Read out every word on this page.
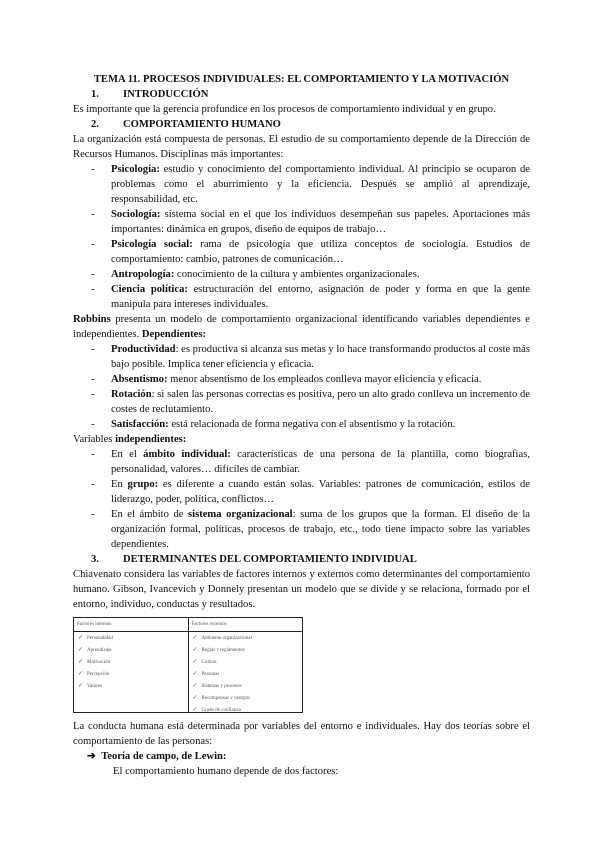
TEMA 11. PROCESOS INDIVIDUALES: EL COMPORTAMIENTO Y LA MOTIVACIÓN
1. INTRODUCCIÓN

Es importante que la gerencia profundice en los procesos de comportamiento individual y en grupo.

2. COMPORTAMIENTO HUMANO

La organización está compuesta de personas. El estudio de su comportamiento depende de la Dirección de Recursos Humanos. Disciplinas más importantes:

- Psicología: estudio y conocimiento del comportamiento individual. Al principio se ocuparon de problemas como el aburrimiento y la eficiencia. Después se amplió al aprendizaje, responsabilidad, etc.
- Sociología: sistema social en el que los individuos desempeñan sus papeles. Aportaciones más importantes: dinámica en grupos, diseño de equipos de trabajo…
- Psicología social: rama de psicología que utiliza conceptos de sociología. Estudios de comportamiento: cambio, patrones de comunicación…
- Antropología: conocimiento de la cultura y ambientes organizacionales.
- Ciencia política: estructuración del entorno, asignación de poder y forma en que la gente manipula para intereses individuales.

Robbins presenta un modelo de comportamiento organizacional identificando variables dependientes e independientes. Dependientes:

- Productividad: es productiva si alcanza sus metas y lo hace transformando productos al coste más bajo posible. Implica tener eficiencia y eficacia.
- Absentismo: menor absentismo de los empleados conlleva mayor eficiencia y eficacia.
- Rotación: si salen las personas correctas es positiva, pero un alto grado conlleva un incremento de costes de reclutamiento.
- Satisfacción: está relacionada de forma negativa con el absentismo y la rotación.

Variables independientes:

- En el ámbito individual: características de una persona de la plantilla, como biografías, personalidad, valores… difíciles de cambiar.
- En grupo: es diferente a cuando están solas. Variables: patrones de comunicación, estilos de liderazgo, poder, política, conflictos…
- En el ámbito de sistema organizacional: suma de los grupos que la forman. El diseño de la organización formal, políticas, procesos de trabajo, etc., todo tiene impacto sobre las variables dependientes.
3. DETERMINANTES DEL COMPORTAMIENTO INDIVIDUAL

Chiavenato considera las variables de factores internos y externos como determinantes del comportamiento humano. Gibson, Ivancevich y Donnely presentan un modelo que se divide y se relaciona, formado por el entorno, individuo, conductas y resultados.

Factores internos
✓ Personalidad
✓ Aprendizaje
✓ Motivación
✓ Percepción
✓ Valores
Factores externos
✓ Ambiente organizacional
✓ Reglas y reglamentos
✓ Cultura
✓ Personas
✓ Sistemas y procesos
✓ Recompensas y castigos
✓ Grado de confianza

La conducta humana está determinada por variables del entorno e individuales. Hay dos teorías sobre el comportamiento de las personas:

➔ Teoría de campo, de Lewin:

El comportamiento humano depende de dos factores:
